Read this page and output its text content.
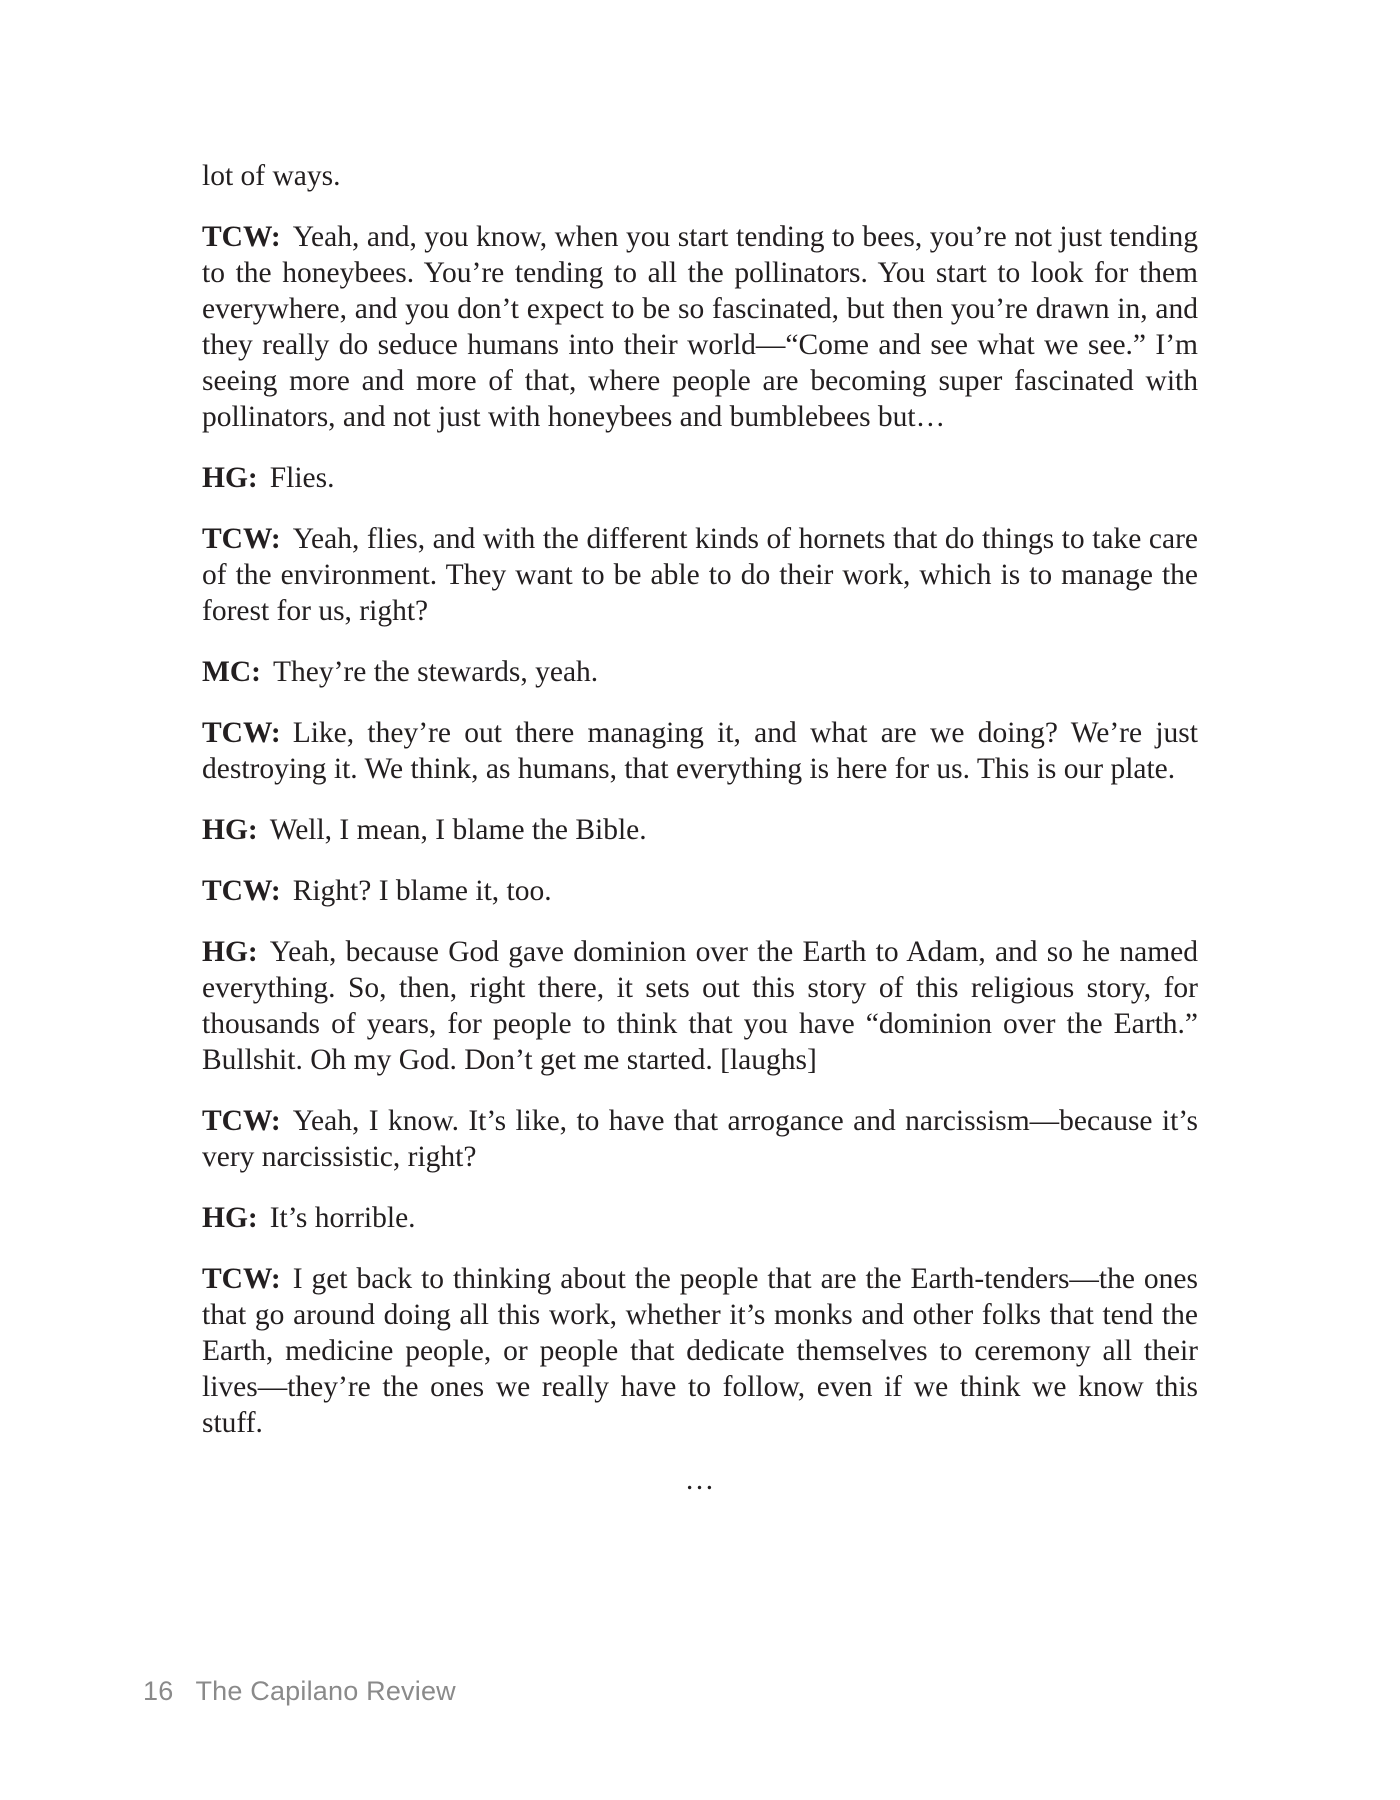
lot of ways.

TCW: Yeah, and, you know, when you start tending to bees, you’re not just tending to the honeybees. You’re tending to all the pollinators. You start to look for them everywhere, and you don’t expect to be so fascinated, but then you’re drawn in, and they really do seduce humans into their world—“Come and see what we see.” I’m seeing more and more of that, where people are becoming super fascinated with pollinators, and not just with honeybees and bumblebees but…

HG: Flies.

TCW: Yeah, flies, and with the different kinds of hornets that do things to take care of the environment. They want to be able to do their work, which is to manage the forest for us, right?

MC: They’re the stewards, yeah.

TCW: Like, they’re out there managing it, and what are we doing? We’re just destroying it. We think, as humans, that everything is here for us. This is our plate.

HG: Well, I mean, I blame the Bible.

TCW: Right? I blame it, too.

HG: Yeah, because God gave dominion over the Earth to Adam, and so he named everything. So, then, right there, it sets out this story of this religious story, for thousands of years, for people to think that you have “dominion over the Earth.” Bullshit. Oh my God. Don’t get me started. [laughs]

TCW: Yeah, I know. It’s like, to have that arrogance and narcissism—because it’s very narcissistic, right?

HG: It’s horrible.

TCW: I get back to thinking about the people that are the Earth-tenders—the ones that go around doing all this work, whether it’s monks and other folks that tend the Earth, medicine people, or people that dedicate themselves to ceremony all their lives—they’re the ones we really have to follow, even if we think we know this stuff.

…
16 The Capilano Review
